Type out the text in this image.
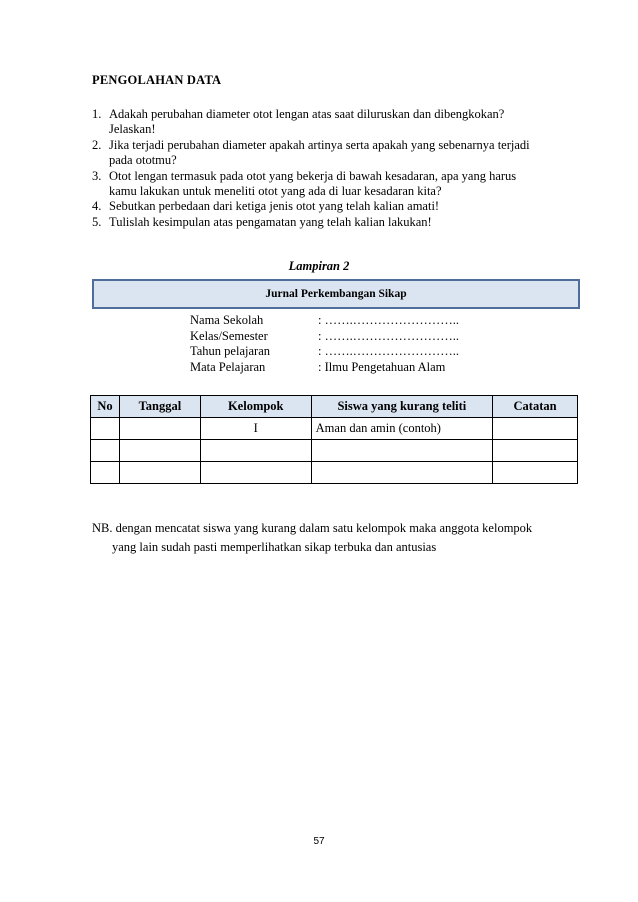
PENGOLAHAN DATA
1. Adakah perubahan diameter otot lengan atas saat diluruskan dan dibengkokan?
Jelaskan!
2. Jika terjadi perubahan diameter apakah artinya serta apakah yang sebenarnya terjadi
pada ototmu?
3. Otot lengan termasuk pada otot yang bekerja di bawah kesadaran, apa yang harus
kamu lakukan untuk meneliti otot yang ada di luar kesadaran kita?
4. Sebutkan perbedaan dari ketiga jenis otot yang telah kalian amati!
5. Tulislah kesimpulan atas pengamatan yang telah kalian lakukan!
Lampiran 2
Jurnal Perkembangan Sikap
Nama Sekolah	: …….……………………..
Kelas/Semester	: …….……………………..
Tahun pelajaran	: …….……………………..
Mata Pelajaran	: Ilmu Pengetahuan Alam
No	Tanggal	Kelompok	Siswa yang kurang teliti	Catatan
		I	Aman dan amin (contoh)	

NB. dengan mencatat siswa yang kurang dalam satu kelompok maka anggota kelompok
yang lain sudah pasti memperlihatkan sikap terbuka dan antusias
57
